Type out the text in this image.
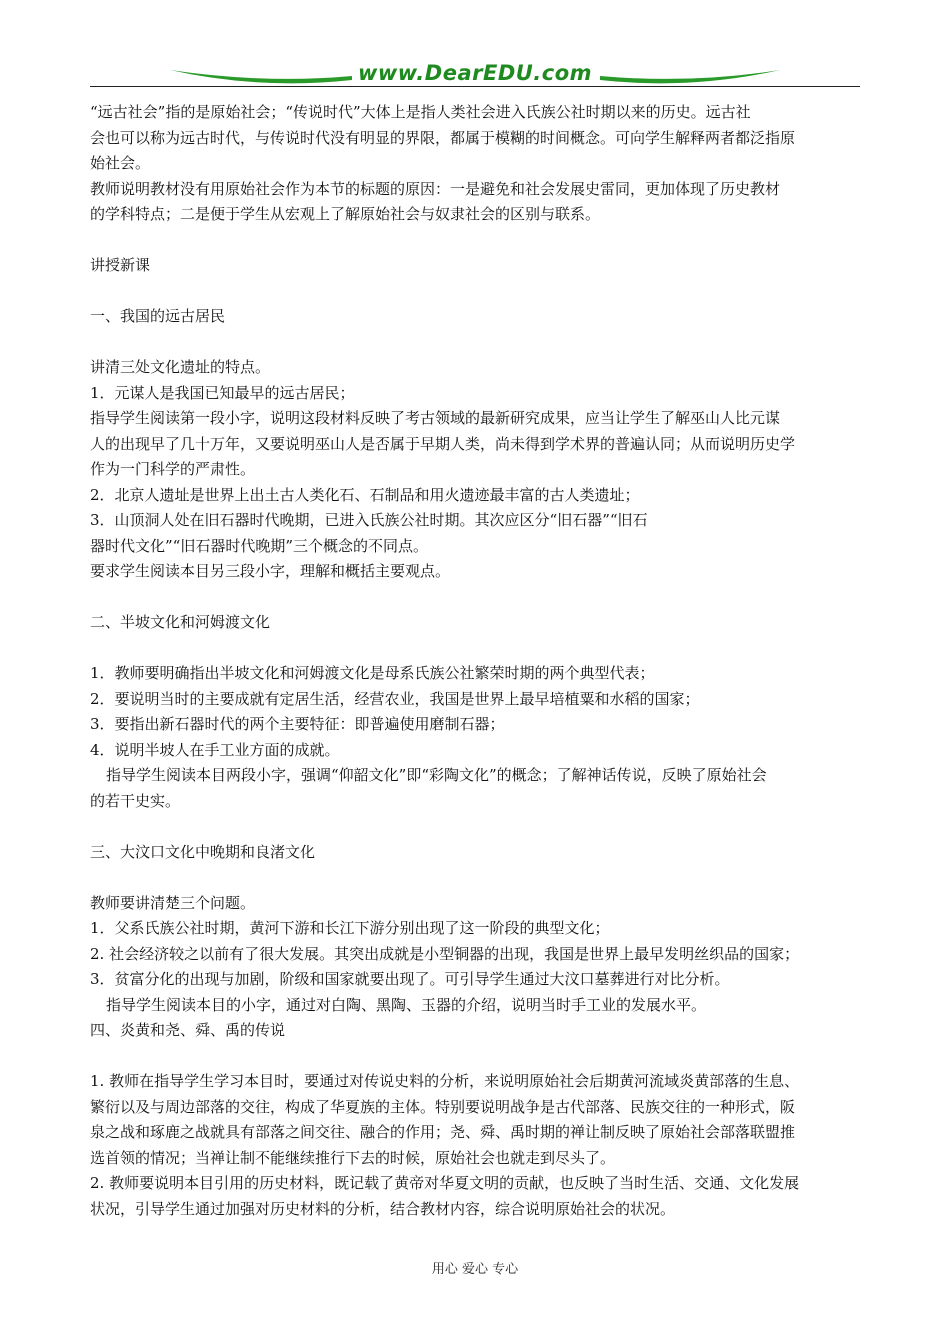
www.DearEDU.com

“远古社会”指的是原始社会；“传说时代”大体上是指人类社会进入氏族公社时期以来的历史。远古社

会也可以称为远古时代，与传说时代没有明显的界限，都属于模糊的时间概念。可向学生解释两者都泛指原

始社会。

教师说明教材没有用原始社会作为本节的标题的原因：一是避免和社会发展史雷同，更加体现了历史教材

的学科特点；二是便于学生从宏观上了解原始社会与奴隶社会的区别与联系。

讲授新课

一、我国的远古居民

讲清三处文化遗址的特点。

1．元谋人是我国已知最早的远古居民；

指导学生阅读第一段小字，说明这段材料反映了考古领域的最新研究成果，应当让学生了解巫山人比元谋

人的出现早了几十万年，又要说明巫山人是否属于早期人类，尚未得到学术界的普遍认同；从而说明历史学

作为一门科学的严肃性。

2．北京人遗址是世界上出土古人类化石、石制品和用火遗迹最丰富的古人类遗址；

3．山顶洞人处在旧石器时代晚期，已进入氏族公社时期。其次应区分“旧石器”“旧石

器时代文化”“旧石器时代晚期”三个概念的不同点。

要求学生阅读本目另三段小字，理解和概括主要观点。

二、半坡文化和河姆渡文化

1．教师要明确指出半坡文化和河姆渡文化是母系氏族公社繁荣时期的两个典型代表；

2．要说明当时的主要成就有定居生活，经营农业，我国是世界上最早培植粟和水稻的国家；

3．要指出新石器时代的两个主要特征：即普遍使用磨制石器；

4．说明半坡人在手工业方面的成就。

指导学生阅读本目两段小字，强调“仰韶文化”即“彩陶文化”的概念；了解神话传说，反映了原始社会

的若干史实。

三、大汶口文化中晚期和良渚文化

教师要讲清楚三个问题。

1．父系氏族公社时期，黄河下游和长江下游分别出现了这一阶段的典型文化；

2. 社会经济较之以前有了很大发展。其突出成就是小型铜器的出现，我国是世界上最早发明丝织品的国家；

3．贫富分化的出现与加剧，阶级和国家就要出现了。可引导学生通过大汶口墓葬进行对比分析。

指导学生阅读本目的小字，通过对白陶、黑陶、玉器的介绍，说明当时手工业的发展水平。

四、炎黄和尧、舜、禹的传说

1. 教师在指导学生学习本目时，要通过对传说史料的分析，来说明原始社会后期黄河流域炎黄部落的生息、

繁衍以及与周边部落的交往，构成了华夏族的主体。特别要说明战争是古代部落、民族交往的一种形式，阪

泉之战和琢鹿之战就具有部落之间交往、融合的作用；尧、舜、禹时期的禅让制反映了原始社会部落联盟推

选首领的情况；当禅让制不能继续推行下去的时候，原始社会也就走到尽头了。

2. 教师要说明本目引用的历史材料，既记载了黄帝对华夏文明的贡献，也反映了当时生活、交通、文化发展

状况，引导学生通过加强对历史材料的分析，结合教材内容，综合说明原始社会的状况。

用心 爱心 专心
